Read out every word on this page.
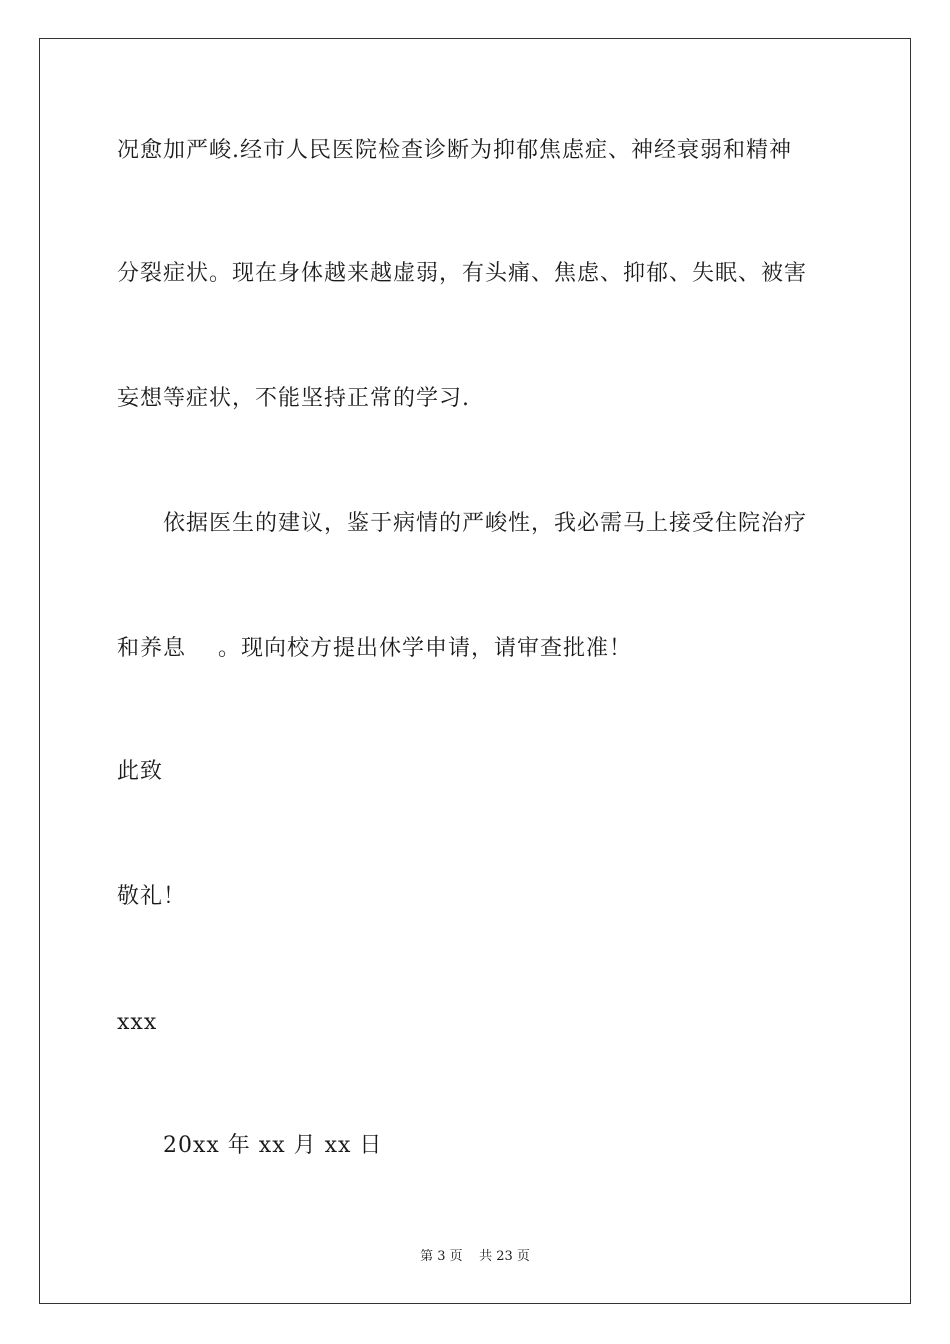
况愈加严峻.经市人民医院检查诊断为抑郁焦虑症、神经衰弱和精神
分裂症状。现在身体越来越虚弱，有头痛、焦虑、抑郁、失眠、被害
妄想等症状，不能坚持正常的学习.
依据医生的建议，鉴于病情的严峻性，我必需马上接受住院治疗
和养息    。现向校方提出休学申请，请审查批准！
此致
敬礼！
xxx
20xx 年 xx 月 xx 日
第 3 页    共 23 页
